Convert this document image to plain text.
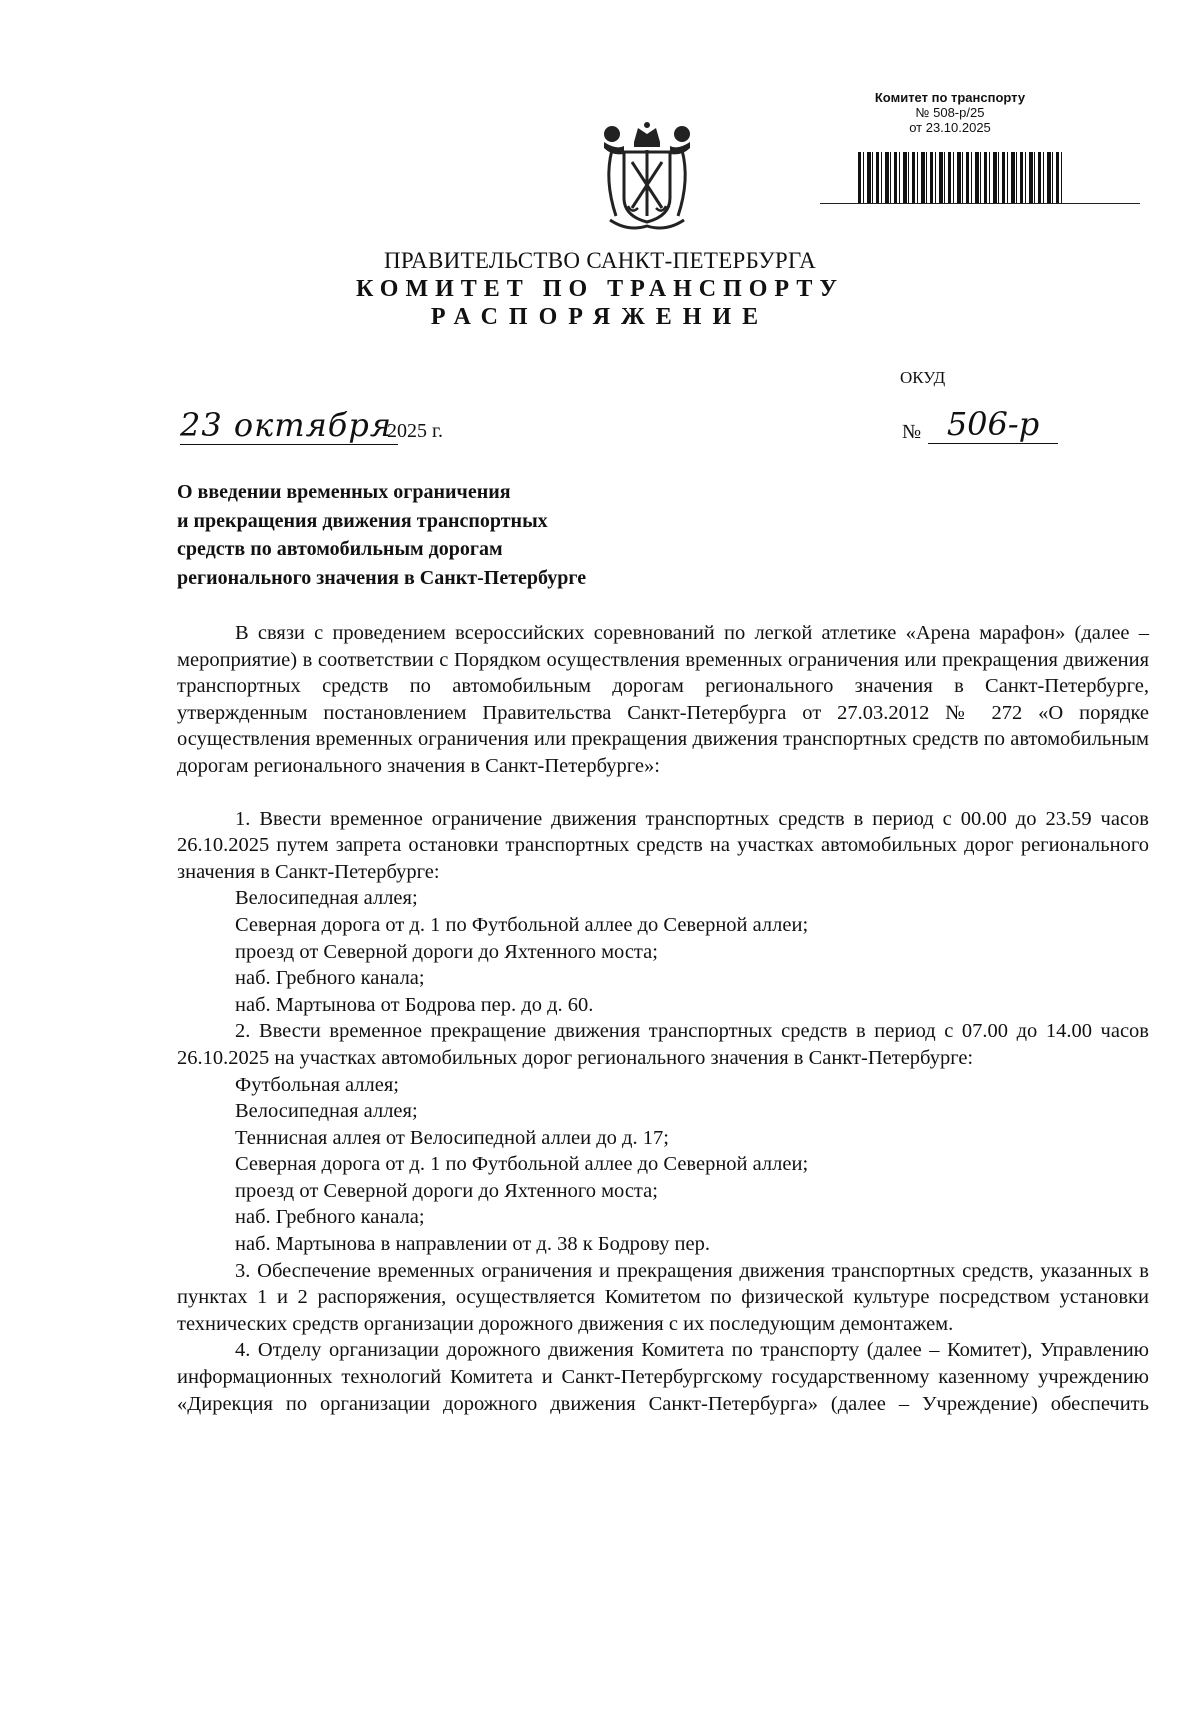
Комитет по транспорту
№ 508-р/25
от 23.10.2025
ПРАВИТЕЛЬСТВО САНКТ-ПЕТЕРБУРГА
КОМИТЕТ ПО ТРАНСПОРТУ
РАСПОРЯЖЕНИЕ
ОКУД
23 октября
2025 г.	№ 506-р
О введении временных ограничения
и прекращения движения транспортных
средств по автомобильным дорогам
регионального значения в Санкт-Петербурге

В связи с проведением всероссийских соревнований по легкой атлетике «Арена марафон» (далее – мероприятие) в соответствии с Порядком осуществления временных ограничения или прекращения движения транспортных средств по автомобильным дорогам регионального значения в Санкт-Петербурге, утвержденным постановлением Правительства Санкт-Петербурга от 27.03.2012 № 272 «О порядке осуществления временных ограничения или прекращения движения транспортных средств по автомобильным дорогам регионального значения в Санкт-Петербурге»:

1. Ввести временное ограничение движения транспортных средств в период с 00.00 до 23.59 часов 26.10.2025 путем запрета остановки транспортных средств на участках автомобильных дорог регионального значения в Санкт-Петербурге:

Велосипедная аллея;

Северная дорога от д. 1 по Футбольной аллее до Северной аллеи;

проезд от Северной дороги до Яхтенного моста;

наб. Гребного канала;

наб. Мартынова от Бодрова пер. до д. 60.

2. Ввести временное прекращение движения транспортных средств в период с 07.00 до 14.00 часов 26.10.2025 на участках автомобильных дорог регионального значения в Санкт-Петербурге:

Футбольная аллея;

Велосипедная аллея;

Теннисная аллея от Велосипедной аллеи до д. 17;

Северная дорога от д. 1 по Футбольной аллее до Северной аллеи;

проезд от Северной дороги до Яхтенного моста;

наб. Гребного канала;

наб. Мартынова в направлении от д. 38 к Бодрову пер.

3. Обеспечение временных ограничения и прекращения движения транспортных средств, указанных в пунктах 1 и 2 распоряжения, осуществляется Комитетом по физической культуре посредством установки технических средств организации дорожного движения с их последующим демонтажем.

4. Отделу организации дорожного движения Комитета по транспорту (далее – Комитет), Управлению информационных технологий Комитета и Санкт-Петербургскому государственному казенному учреждению «Дирекция по организации дорожного движения Санкт-Петербурга» (далее – Учреждение) обеспечить
